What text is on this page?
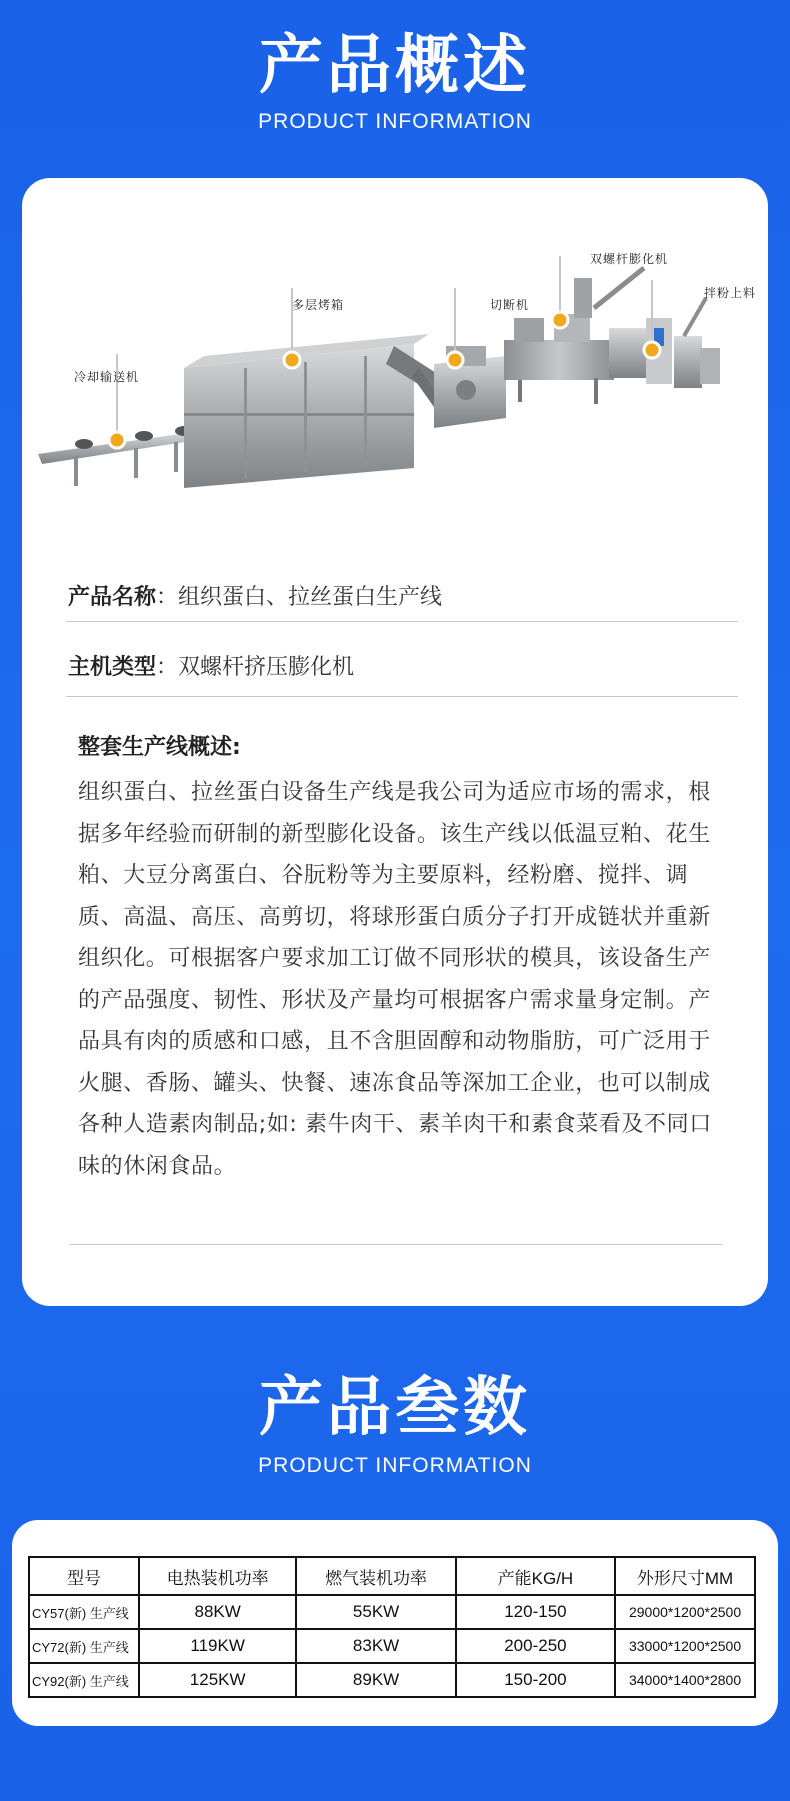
产品概述
PRODUCT INFORMATION
冷却输送机
多层烤箱	切断机
双螺杆膨化机
拌粉上料
产品名称：组织蛋白、拉丝蛋白生产线
主机类型：双螺杆挤压膨化机
整套生产线概述:
组织蛋白、拉丝蛋白设备生产线是我公司为适应市场的需求，根据多年经验而研制的新型膨化设备。该生产线以低温豆粕、花生粕、大豆分离蛋白、谷朊粉等为主要原料，经粉磨、搅拌、调质、高温、高压、高剪切，将球形蛋白质分子打开成链状并重新组织化。可根据客户要求加工订做不同形状的模具，该设备生产的产品强度、韧性、形状及产量均可根据客户需求量身定制。产品具有肉的质感和口感，且不含胆固醇和动物脂肪，可广泛用于火腿、香肠、罐头、快餐、速冻食品等深加工企业，也可以制成各种人造素肉制品;如: 素牛肉干、素羊肉干和素食菜看及不同口味的休闲食品。
产品叁数
PRODUCT INFORMATION
型号	电热装机功率	燃气装机功率	产能KG/H	外形尺寸MM
CY57(新) 生产线	88KW	55KW	120-150	29000*1200*2500
CY72(新) 生产线	119KW	83KW	200-250	33000*1200*2500
CY92(新) 生产线	125KW	89KW	150-200	34000*1400*2800
